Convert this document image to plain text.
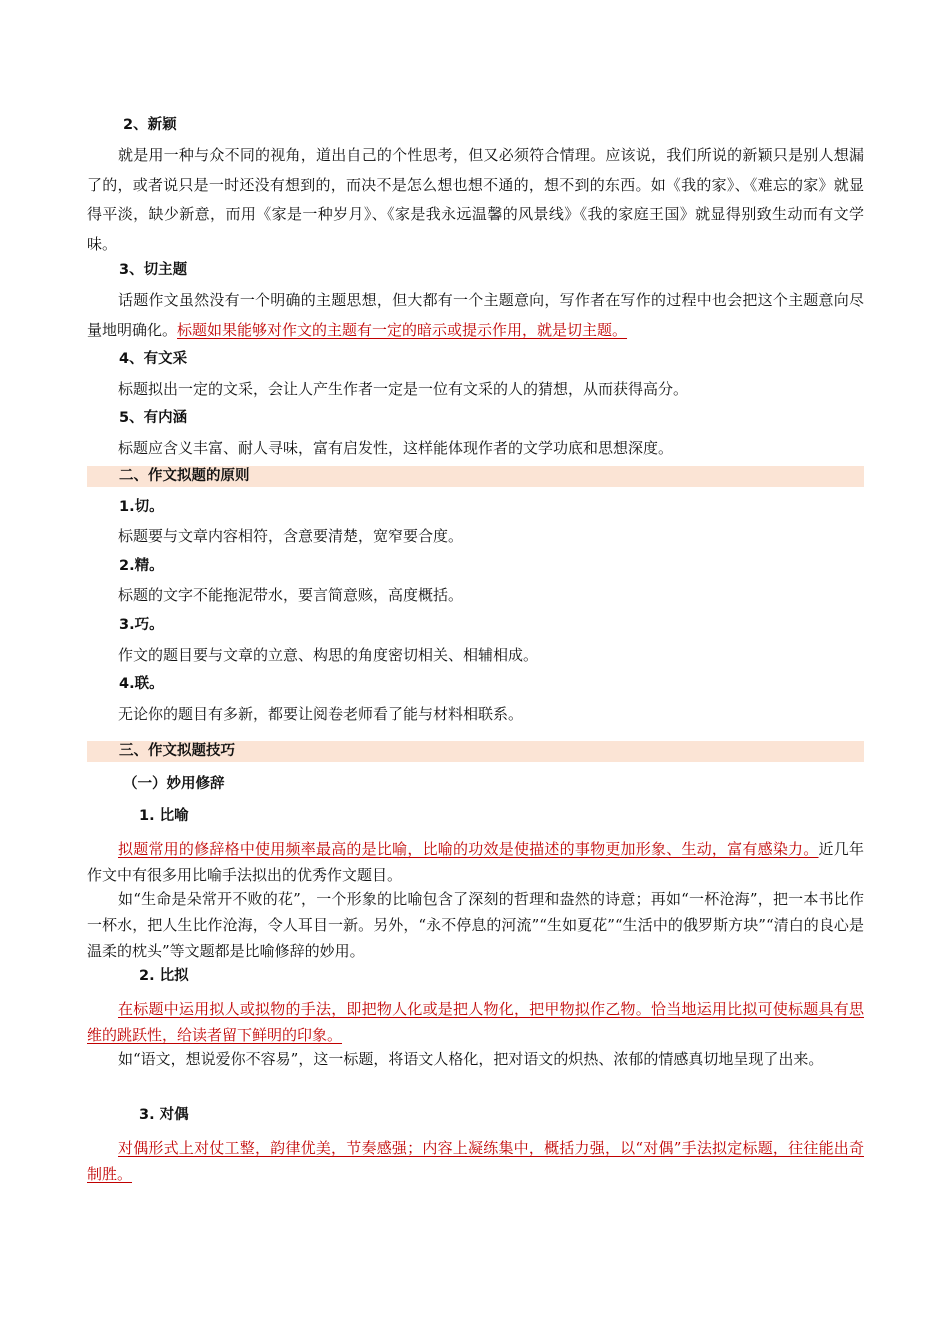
2、新颖
就是用一种与众不同的视角，道出自己的个性思考，但又必须符合情理。应该说，我们所说的新颖只是别人想漏了的，或者说只是一时还没有想到的，而决不是怎么想也想不通的，想不到的东西。如《我的家》、《难忘的家》就显得平淡，缺少新意，而用《家是一种岁月》、《家是我永远温馨的风景线》《我的家庭王国》就显得别致生动而有文学味。
3、切主题
话题作文虽然没有一个明确的主题思想，但大都有一个主题意向，写作者在写作的过程中也会把这个主题意向尽量地明确化。标题如果能够对作文的主题有一定的暗示或提示作用，就是切主题。
4、有文采
标题拟出一定的文采，会让人产生作者一定是一位有文采的人的猜想，从而获得高分。
5、有内涵
标题应含义丰富、耐人寻味，富有启发性，这样能体现作者的文学功底和思想深度。
二、作文拟题的原则
1.切。
标题要与文章内容相符，含意要清楚，宽窄要合度。
2.精。
标题的文字不能拖泥带水，要言简意赅，高度概括。
3.巧。
作文的题目要与文章的立意、构思的角度密切相关、相辅相成。
4.联。
无论你的题目有多新，都要让阅卷老师看了能与材料相联系。
三、作文拟题技巧
（一）妙用修辞
1. 比喻
拟题常用的修辞格中使用频率最高的是比喻，比喻的功效是使描述的事物更加形象、生动，富有感染力。近几年作文中有很多用比喻手法拟出的优秀作文题目。
如“生命是朵常开不败的花”，一个形象的比喻包含了深刻的哲理和盎然的诗意；再如“一杯沧海”，把一本书比作一杯水，把人生比作沧海，令人耳目一新。另外，“永不停息的河流”“生如夏花”“生活中的俄罗斯方块”“清白的良心是温柔的枕头”等文题都是比喻修辞的妙用。
2. 比拟
在标题中运用拟人或拟物的手法，即把物人化或是把人物化，把甲物拟作乙物。恰当地运用比拟可使标题具有思维的跳跃性，给读者留下鲜明的印象。
如“语文，想说爱你不容易”，这一标题，将语文人格化，把对语文的炽热、浓郁的情感真切地呈现了出来。
3. 对偶
对偶形式上对仗工整，韵律优美，节奏感强；内容上凝练集中，概括力强，以“对偶”手法拟定标题，往往能出奇制胜。
